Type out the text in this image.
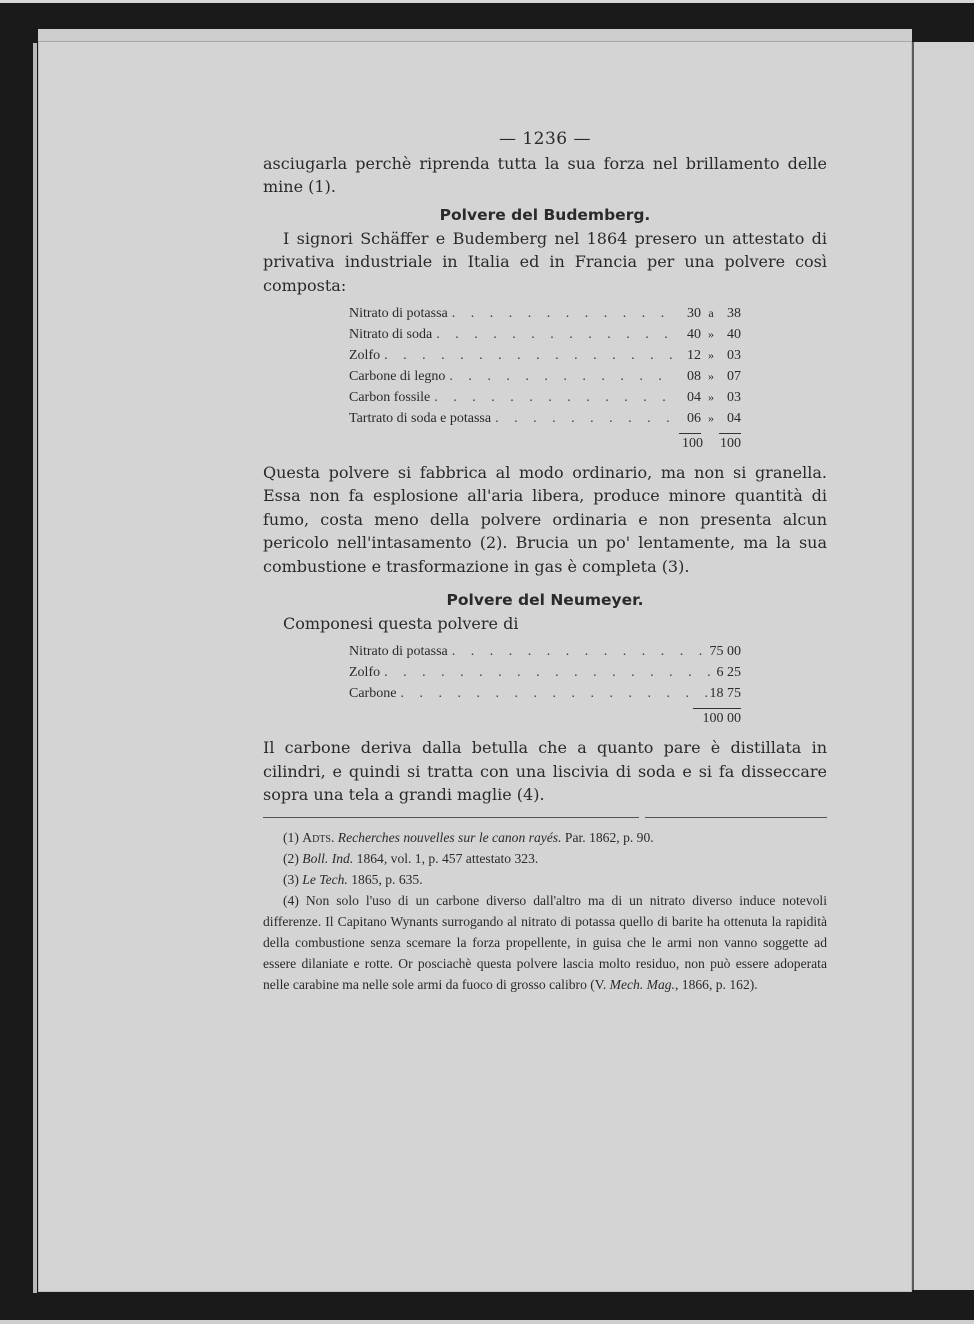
— 1236 —

asciugarla perchè riprenda tutta la sua forza nel brillamento delle mine (1).

Polvere del Budemberg.

I signori Schäffer e Budemberg nel 1864 presero un attestato di privativa industriale in Italia ed in Francia per una polvere così composta:

Nitrato di potassa . . .	30 a 38
Nitrato di soda . . .	40 » 40
Zolfo . . .	12 » 03
Carbone di legno . . .	08 » 07
Carbon fossile . . .	04 » 03
Tartrato di soda e potassa . . .	06 » 04
100 100

Questa polvere si fabbrica al modo ordinario, ma non si granella. Essa non fa esplosione all'aria libera, produce minore quantità di fumo, costa meno della polvere ordinaria e non presenta alcun pericolo nell'intasamento (2). Brucia un po' lentamente, ma la sua combustione e trasformazione in gas è completa (3).

Polvere del Neumeyer.

Componesi questa polvere di

Nitrato di potassa . . .	75 00
Zolfo . . .	6 25
Carbone . . .	18 75
100 00

Il carbone deriva dalla betulla che a quanto pare è distillata in cilindri, e quindi si tratta con una liscivia di soda e si fa disseccare sopra una tela a grandi maglie (4).

(1) Adts. Recherches nouvelles sur le canon rayés. Par. 1862, p. 90.

(2) Boll. Ind. 1864, vol. 1, p. 457 attestato 323.

(3) Le Tech. 1865, p. 635.

(4) Non solo l'uso di un carbone diverso dall'altro ma di un nitrato diverso induce notevoli differenze. Il Capitano Wynants surrogando al nitrato di potassa quello di barite ha ottenuta la rapidità della combustione senza scemare la forza propellente, in guisa che le armi non vanno soggette ad essere dilaniate e rotte. Or posciachè questa polvere lascia molto residuo, non può essere adoperata nelle carabine ma nelle sole armi da fuoco di grosso calibro (V. Mech. Mag., 1866, p. 162).
